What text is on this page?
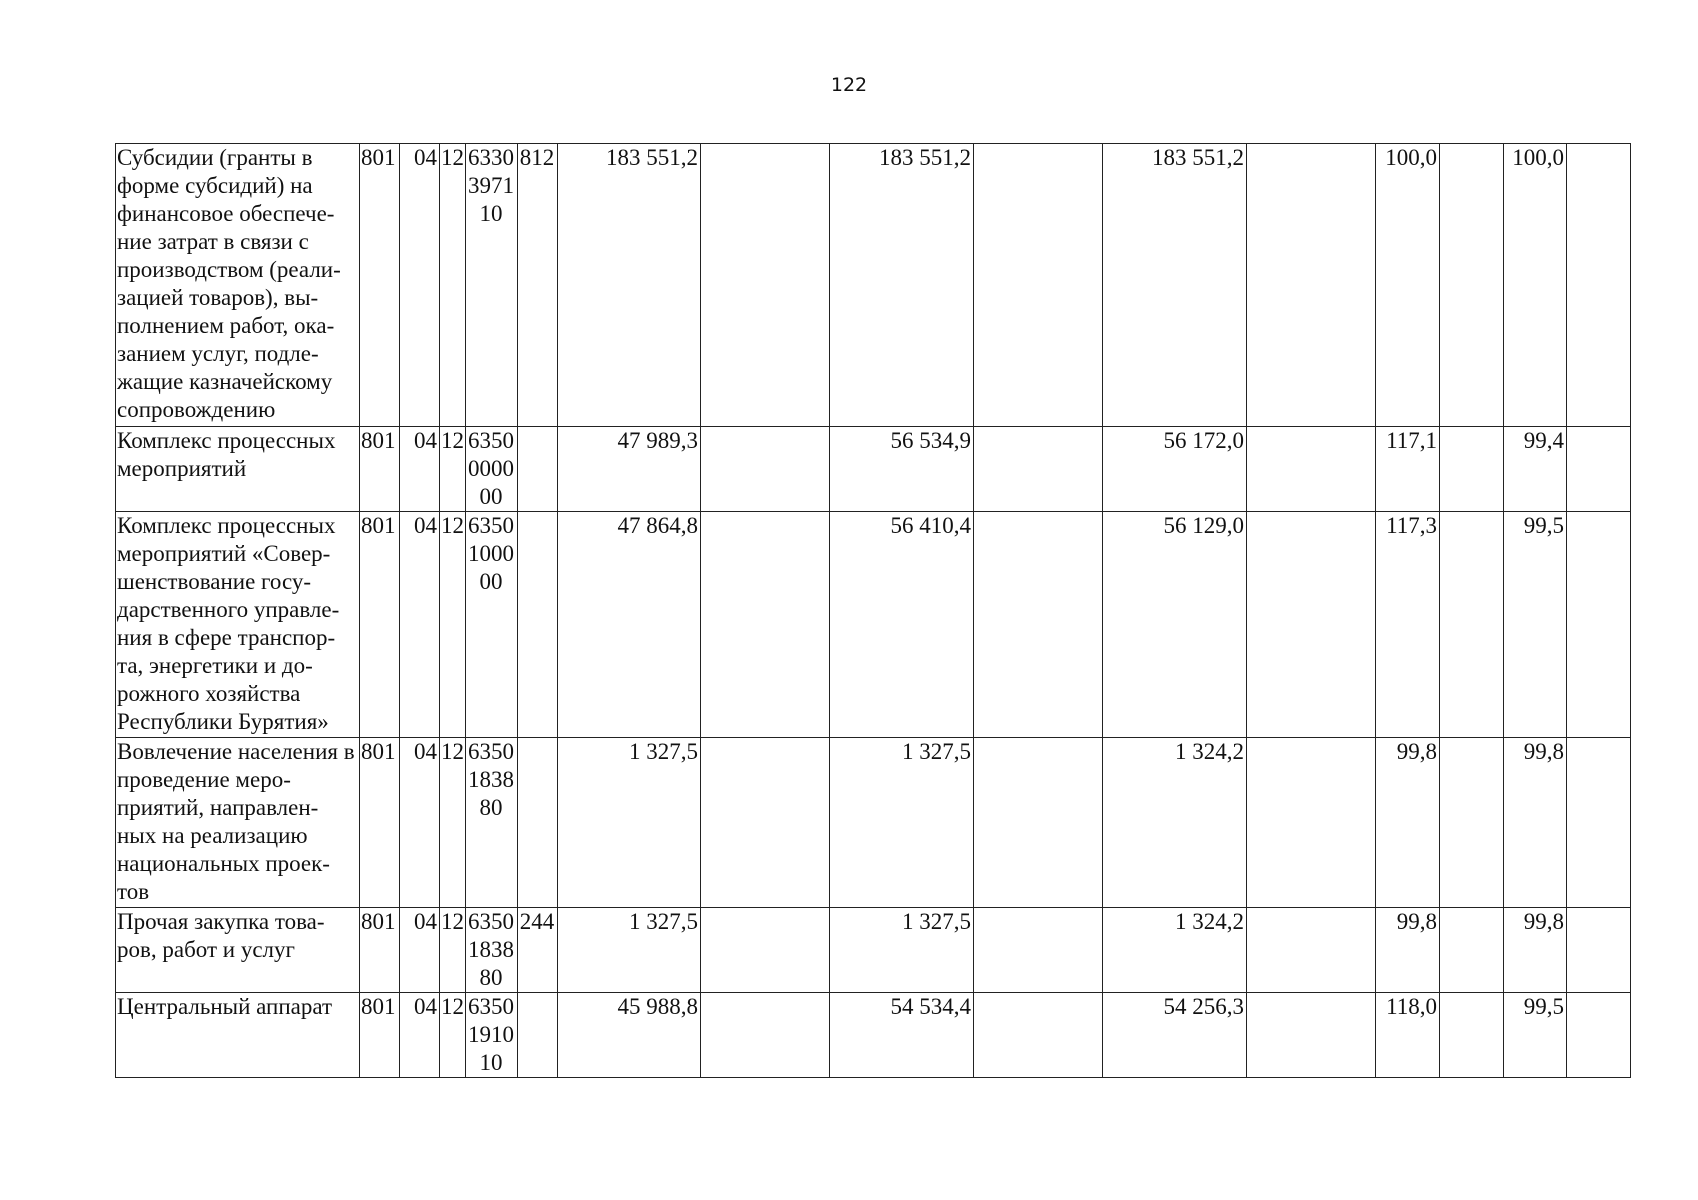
122
Субсидии (гранты в форме субсидий) на финансовое обеспече-ние затрат в связи с производством (реали-зацией товаров), вы-полнением работ, ока-занием услуг, подле-жащие казначейскому сопровождению	801	04	12	6330
3971
10	812	183 551,2		183 551,2		183 551,2		100,0		100,0	
Комплекс процессных мероприятий	801	04	12	6350
0000
00		47 989,3		56 534,9		56 172,0		117,1		99,4	
Комплекс процессных мероприятий «Совер-шенствование госу-дарственного управле-ния в сфере транспор-та, энергетики и до-рожного хозяйства Республики Бурятия»	801	04	12	6350
1000
00		47 864,8		56 410,4		56 129,0		117,3		99,5	
Вовлечение населения в проведение меро-приятий, направлен-ных на реализацию национальных проек-тов	801	04	12	6350
1838
80		1 327,5		1 327,5		1 324,2		99,8		99,8	
Прочая закупка това-ров, работ и услуг	801	04	12	6350
1838
80	244	1 327,5		1 327,5		1 324,2		99,8		99,8	
Центральный аппарат	801	04	12	6350
1910
10		45 988,8		54 534,4		54 256,3		118,0		99,5	
